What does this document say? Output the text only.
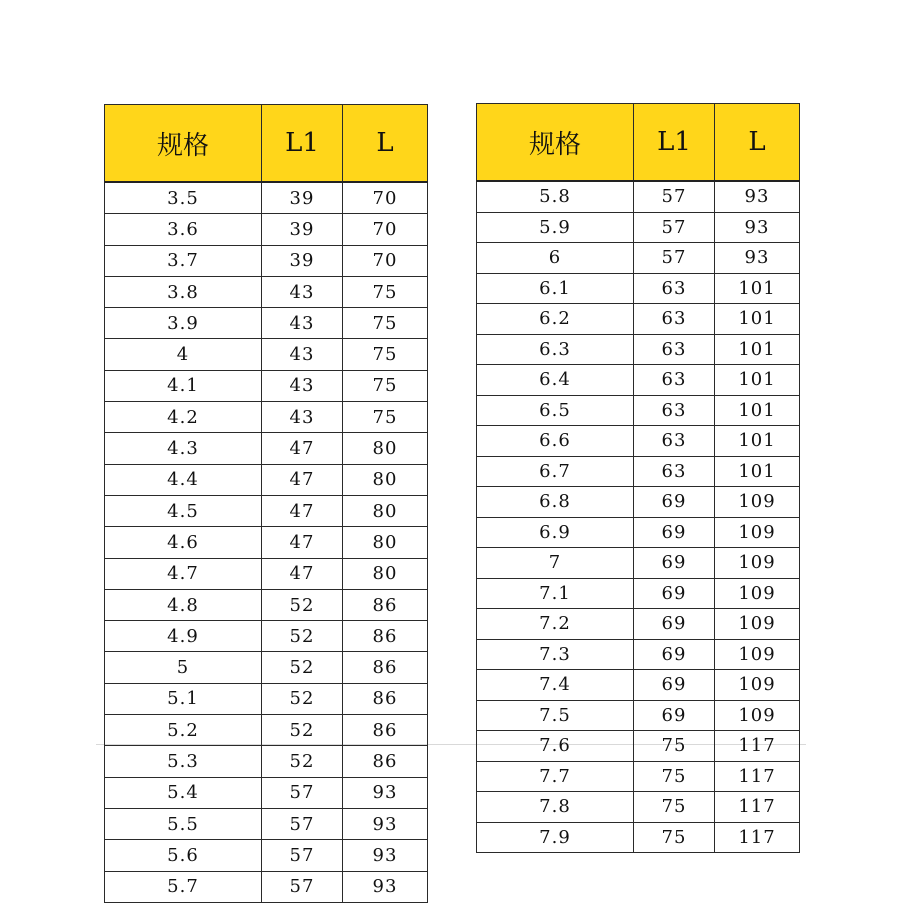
规格	L1	L
3.5	39	70
3.6	39	70
3.7	39	70
3.8	43	75
3.9	43	75
4	43	75
4.1	43	75
4.2	43	75
4.3	47	80
4.4	47	80
4.5	47	80
4.6	47	80
4.7	47	80
4.8	52	86
4.9	52	86
5	52	86
5.1	52	86
5.2	52	86
5.3	52	86
5.4	57	93
5.5	57	93
5.6	57	93
5.7	57	93
规格	L1	L
5.8	57	93
5.9	57	93
6	57	93
6.1	63	101
6.2	63	101
6.3	63	101
6.4	63	101
6.5	63	101
6.6	63	101
6.7	63	101
6.8	69	109
6.9	69	109
7	69	109
7.1	69	109
7.2	69	109
7.3	69	109
7.4	69	109
7.5	69	109
7.6	75	117
7.7	75	117
7.8	75	117
7.9	75	117
